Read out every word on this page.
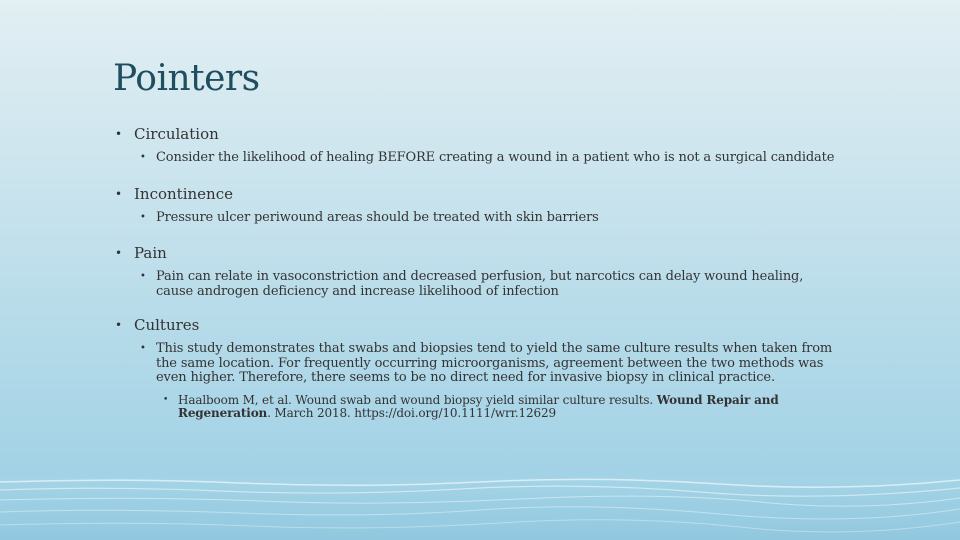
Pointers
• Circulation
• Consider the likelihood of healing BEFORE creating a wound in a patient who is not a surgical candidate
• Incontinence
• Pressure ulcer periwound areas should be treated with skin barriers
• Pain
• Pain can relate in vasoconstriction and decreased perfusion, but narcotics can delay wound healing, cause androgen deficiency and increase likelihood of infection
• Cultures
• This study demonstrates that swabs and biopsies tend to yield the same culture results when taken from the same location. For frequently occurring microorganisms, agreement between the two methods was even higher. Therefore, there seems to be no direct need for invasive biopsy in clinical practice.
• Haalboom M, et al. Wound swab and wound biopsy yield similar culture results. Wound Repair and Regeneration. March 2018. https://doi.org/10.1111/wrr.12629
